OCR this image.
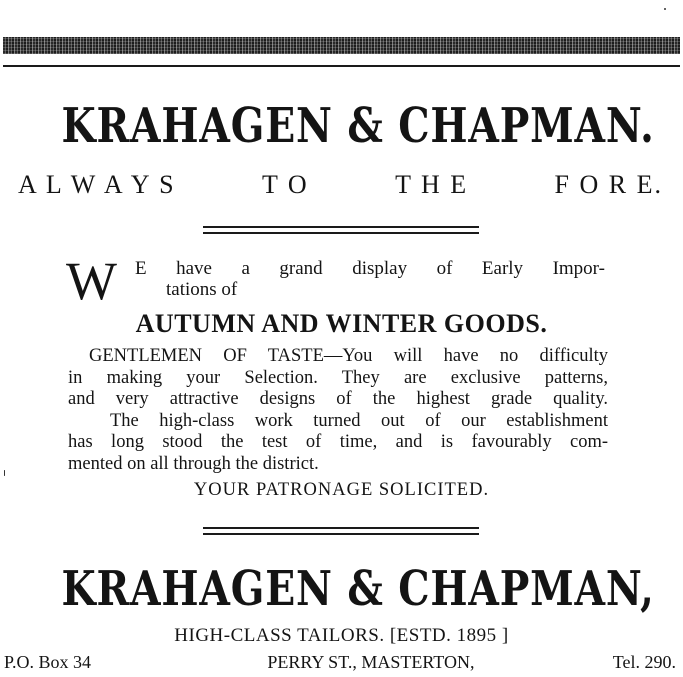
KRAHAGEN & CHAPMAN.
A L W A Y S	T O	T H E	F O R E.
W E have a grand display of Early Impor-
tations of
AUTUMN AND WINTER GOODS.
GENTLEMEN OF TASTE—You will have no difficulty
in making your Selection. They are exclusive patterns,
and very attractive designs of the highest grade quality.
The high-class work turned out of our establishment
has long stood the test of time, and is favourably com-
mented on all through the district.
YOUR PATRONAGE SOLICITED.
KRAHAGEN & CHAPMAN,
HIGH-CLASS TAILORS. [ESTD. 1895 ]
P.O. Box 34	PERRY ST., MASTERTON,	Tel. 290.
